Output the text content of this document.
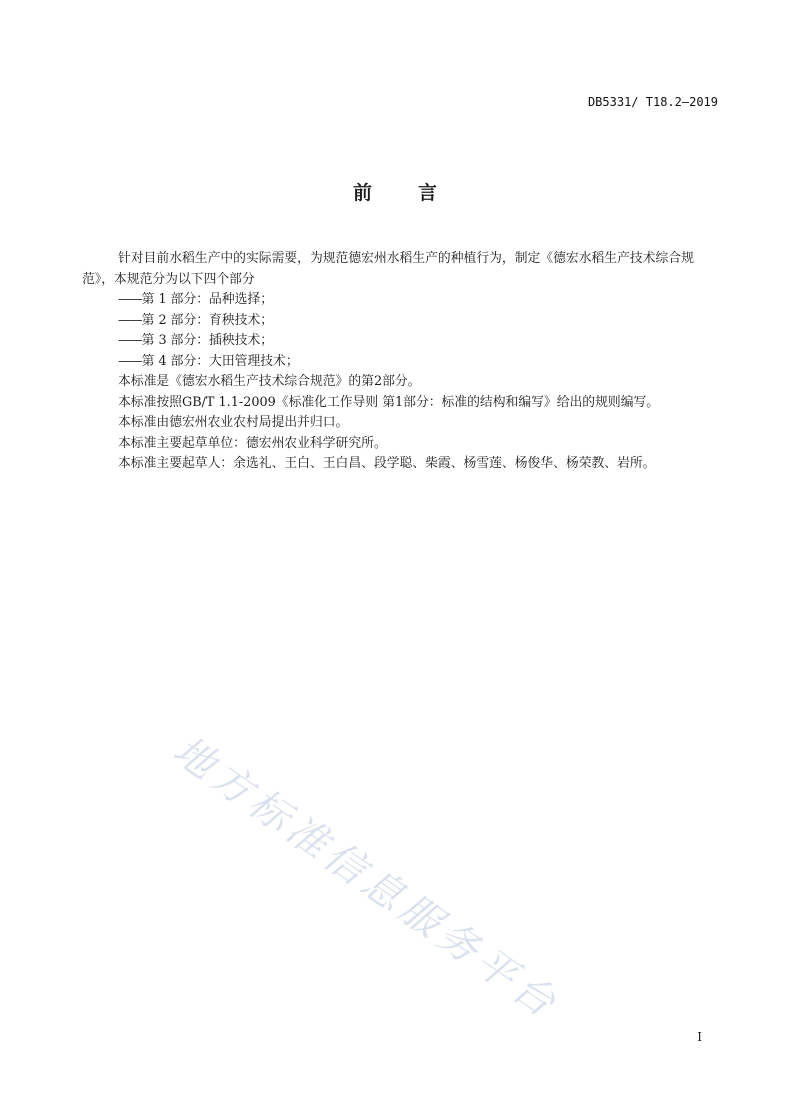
DB5331/ T18.2—2019
前 言

针对目前水稻生产中的实际需要，为规范德宏州水稻生产的种植行为，制定《德宏水稻生产技术综合规范》，本规范分为以下四个部分

——第 1 部分：品种选择；

——第 2 部分：育秧技术；

——第 3 部分：插秧技术；

——第 4 部分：大田管理技术；

本标准是《德宏水稻生产技术综合规范》的第2部分。

本标准按照GB/T 1.1-2009《标准化工作导则 第1部分：标准的结构和编写》给出的规则编写。

本标准由德宏州农业农村局提出并归口。

本标准主要起草单位：德宏州农业科学研究所。

本标准主要起草人：余选礼、王白、王白昌、段学聪、柴霞、杨雪莲、杨俊华、杨荣教、岩所。

地方标准信息服务平台
I
